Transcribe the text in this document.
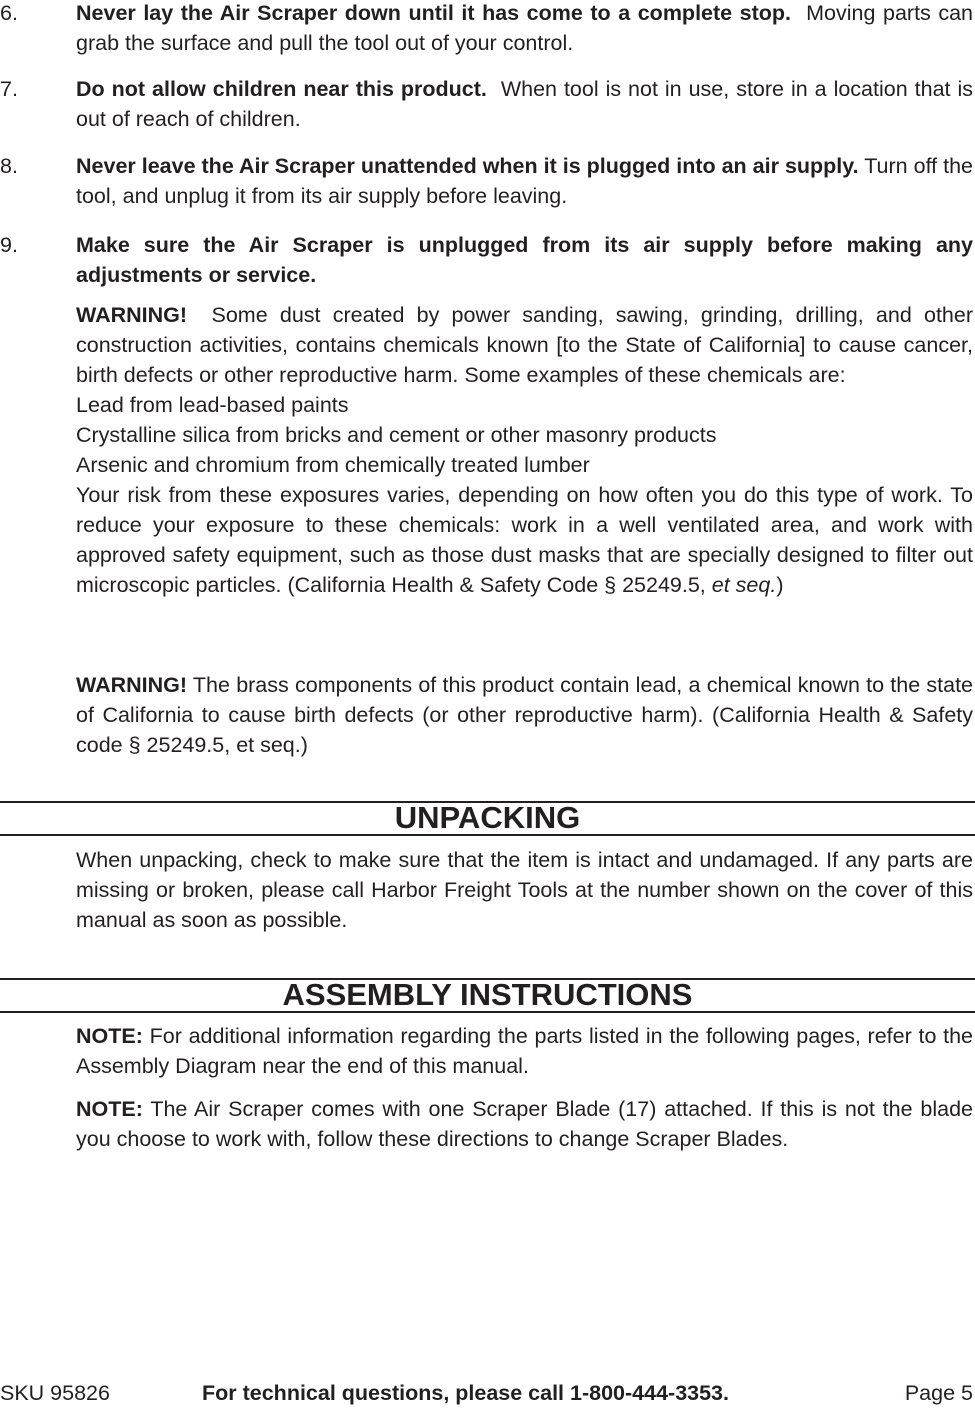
6.	Never lay the Air Scraper down until it has come to a complete stop. Moving parts can grab the surface and pull the tool out of your control.

7.	Do not allow children near this product. When tool is not in use, store in a location that is out of reach of children.

8.	Never leave the Air Scraper unattended when it is plugged into an air supply. Turn off the tool, and unplug it from its air supply before leaving.

9.	Make sure the Air Scraper is unplugged from its air supply before making any adjustments or service.

WARNING! Some dust created by power sanding, sawing, grinding, drilling, and other construction activities, contains chemicals known [to the State of California] to cause cancer, birth defects or other reproductive harm. Some examples of these chemicals are:

Lead from lead-based paints

Crystalline silica from bricks and cement or other masonry products

Arsenic and chromium from chemically treated lumber

Your risk from these exposures varies, depending on how often you do this type of work. To reduce your exposure to these chemicals: work in a well ventilated area, and work with approved safety equipment, such as those dust masks that are specially designed to filter out microscopic particles. (California Health & Safety Code § 25249.5, et seq.)

WARNING! The brass components of this product contain lead, a chemical known to the state of California to cause birth defects (or other reproductive harm). (California Health & Safety code § 25249.5, et seq.)

UNPACKING

When unpacking, check to make sure that the item is intact and undamaged. If any parts are missing or broken, please call Harbor Freight Tools at the number shown on the cover of this manual as soon as possible.

ASSEMBLY INSTRUCTIONS

NOTE: For additional information regarding the parts listed in the following pages, refer to the Assembly Diagram near the end of this manual.

NOTE: The Air Scraper comes with one Scraper Blade (17) attached. If this is not the blade you choose to work with, follow these directions to change Scraper Blades.

SKU 95826	For technical questions, please call 1-800-444-3353.	Page 5
